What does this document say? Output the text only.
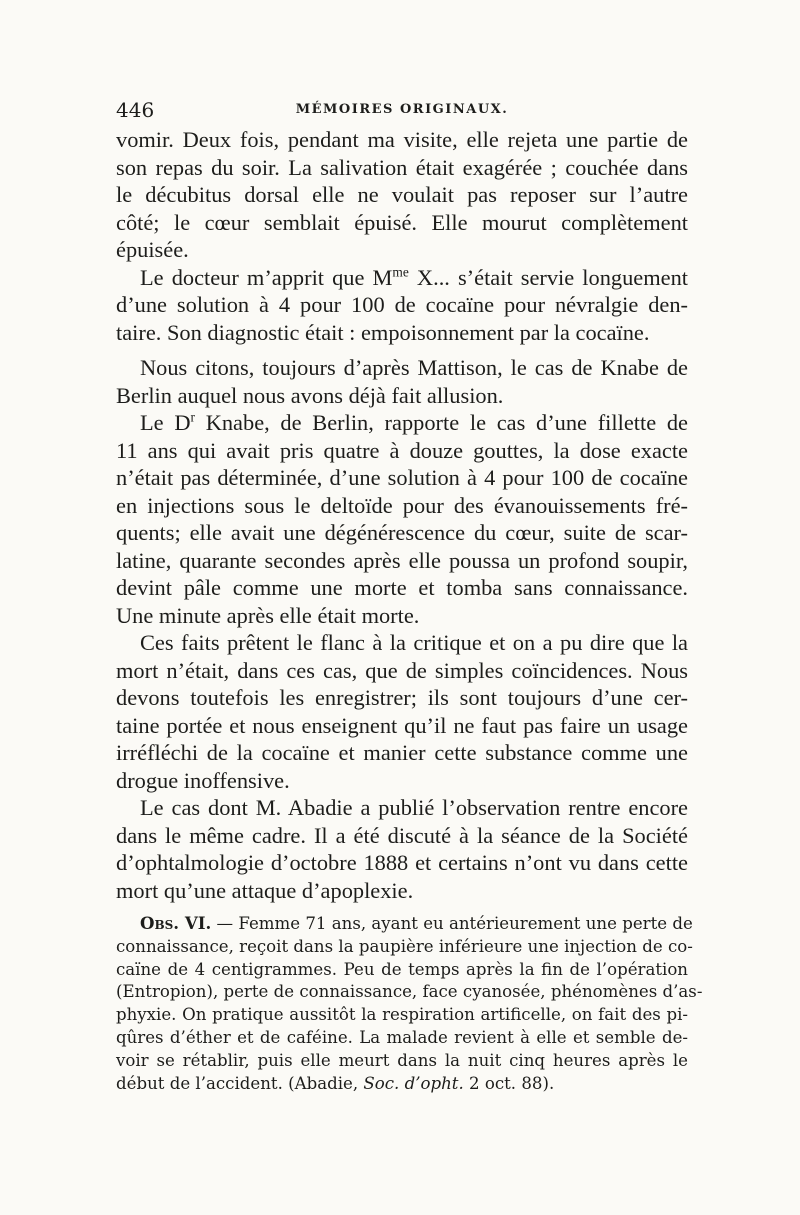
446	MÉMOIRES ORIGINAUX.
vomir. Deux fois, pendant ma visite, elle rejeta une partie de
son repas du soir. La salivation était exagérée ; couchée dans
le décubitus dorsal elle ne voulait pas reposer sur l’autre
côté; le cœur semblait épuisé. Elle mourut complètement
épuisée.
Le docteur m’apprit que $M^{me}$ X... s’était servie longuement
d’une solution à 4 pour 100 de cocaïne pour névralgie den-
taire. Son diagnostic était : empoisonnement par la cocaïne.
Nous citons, toujours d’après Mattison, le cas de Knabe de
Berlin auquel nous avons déjà fait allusion.
Le $D^r$ Knabe, de Berlin, rapporte le cas d’une fillette de
11 ans qui avait pris quatre à douze gouttes, la dose exacte
n’était pas déterminée, d’une solution à 4 pour 100 de cocaïne
en injections sous le deltoïde pour des évanouissements fré-
quents; elle avait une dégénérescence du cœur, suite de scar-
latine, quarante secondes après elle poussa un profond soupir,
devint pâle comme une morte et tomba sans connaissance.
Une minute après elle était morte.
Ces faits prêtent le flanc à la critique et on a pu dire que la
mort n’était, dans ces cas, que de simples coïncidences. Nous
devons toutefois les enregistrer; ils sont toujours d’une cer-
taine portée et nous enseignent qu’il ne faut pas faire un usage
irréfléchi de la cocaïne et manier cette substance comme une
drogue inoffensive.
Le cas dont M. Abadie a publié l’observation rentre encore
dans le même cadre. Il a été discuté à la séance de la Société
d’ophtalmologie d’octobre 1888 et certains n’ont vu dans cette
mort qu’une attaque d’apoplexie.
Obs. VI. — Femme 71 ans, ayant eu antérieurement une perte de
connaissance, reçoit dans la paupière inférieure une injection de co-
caïne de 4 centigrammes. Peu de temps après la fin de l’opération
(Entropion), perte de connaissance, face cyanosée, phénomènes d’as-
phyxie. On pratique aussitôt la respiration artificelle, on fait des pi-
qûres d’éther et de caféine. La malade revient à elle et semble de-
voir se rétablir, puis elle meurt dans la nuit cinq heures après le
début de l’accident. (Abadie, Soc. d’opht. 2 oct. 88).
